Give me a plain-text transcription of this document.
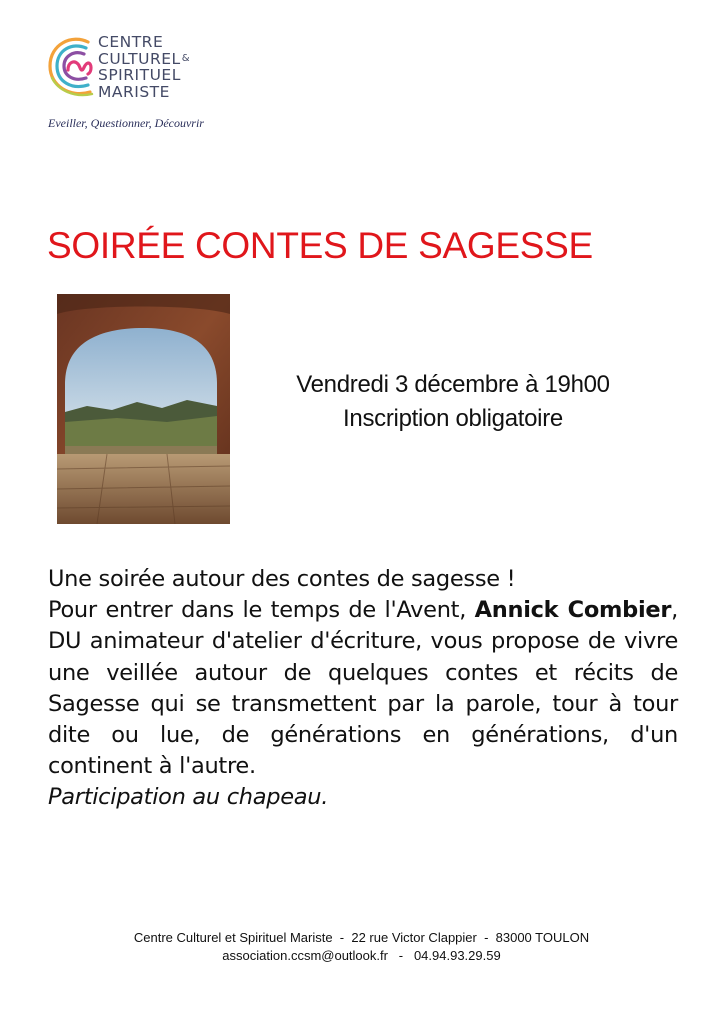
CENTRE
CULTUREL&
SPIRITUEL
MARISTE
Eveiller, Questionner, Découvrir
SOIRÉE CONTES DE SAGESSE
Vendredi 3 décembre à 19h00
Inscription obligatoire

Une soirée autour des contes de sagesse !

Pour entrer dans le temps de l'Avent, Annick Combier, DU animateur d'atelier d'écriture, vous propose de vivre une veillée autour de quelques contes et récits de Sagesse qui se transmettent par la parole, tour à tour dite ou lue, de générations en générations, d'un continent à l'autre.

Participation au chapeau.

Centre Culturel et Spirituel Mariste  -  22 rue Victor Clappier  -  83000 TOULON
association.ccsm@outlook.fr   -   04.94.93.29.59
